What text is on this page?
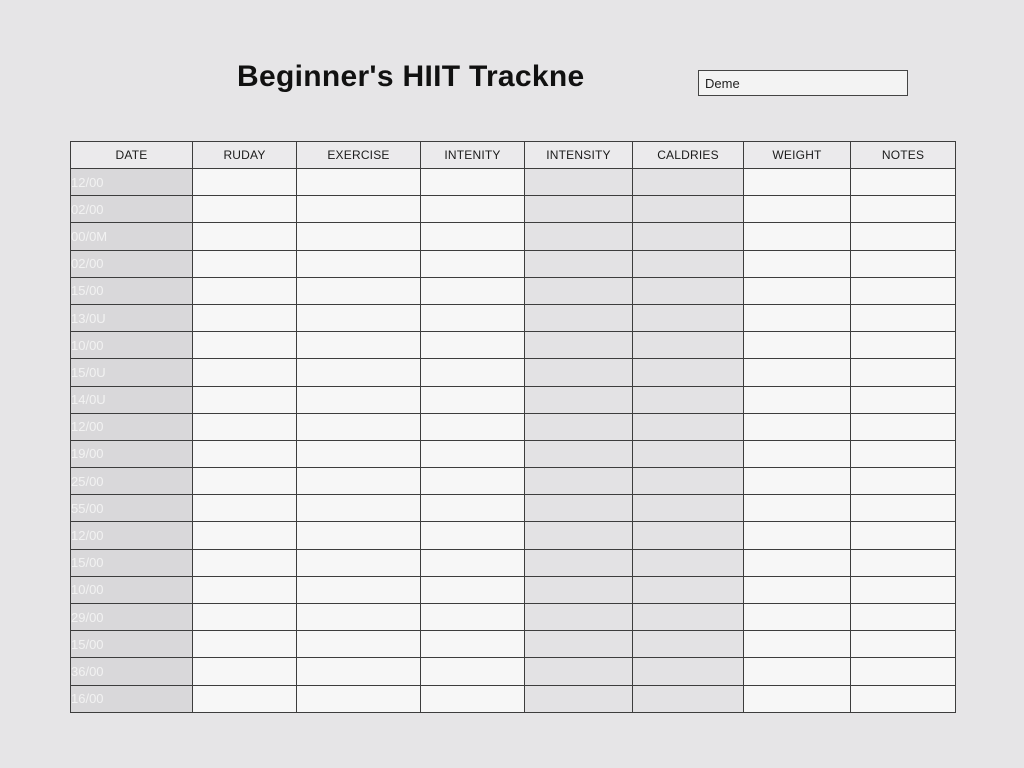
Beginner's HIIT Trackne
Deme
DATE	RUDAY	EXERCISE	INTENITY	INTENSITY	CALDRIES	WEIGHT	NOTES
12/00							
02/00							
00/0M							
02/00							
15/00							
13/0U							
10/00							
15/0U							
14/0U							
12/00							
19/00							
25/00							
55/00							
12/00							
15/00							
10/00							
29/00							
15/00							
36/00							
16/00							
